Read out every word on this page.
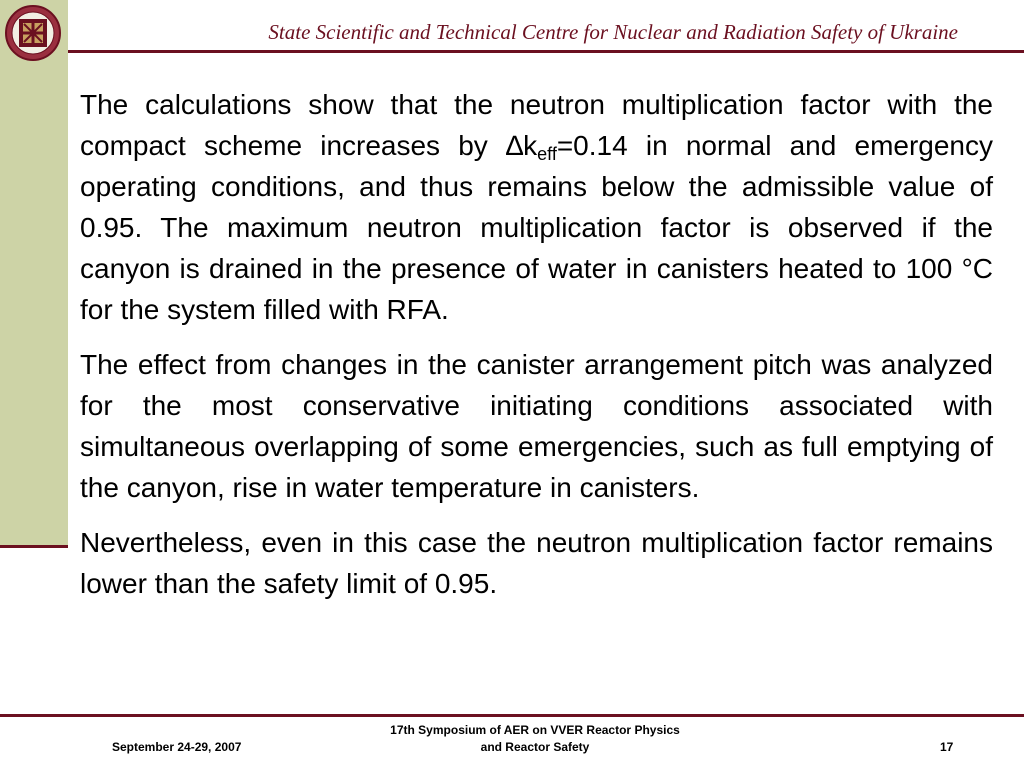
State Scientific and Technical Centre for Nuclear and Radiation Safety of Ukraine

The calculations show that the neutron multiplication factor with the compact scheme increases by $\Delta k_{eff}=0.14$ in normal and emergency operating conditions, and thus remains below the admissible value of 0.95. The maximum neutron multiplication factor is observed if the canyon is drained in the presence of water in canisters heated to 100 °C for the system filled with RFA.

The effect from changes in the canister arrangement pitch was analyzed for the most conservative initiating conditions associated with simultaneous overlapping of some emergencies, such as full emptying of the canyon, rise in water temperature in canisters.

Nevertheless, even in this case the neutron multiplication factor remains lower than the safety limit of 0.95.

September 24-29, 2007
17th Symposium of AER on VVER Reactor Physics
and Reactor Safety	17
